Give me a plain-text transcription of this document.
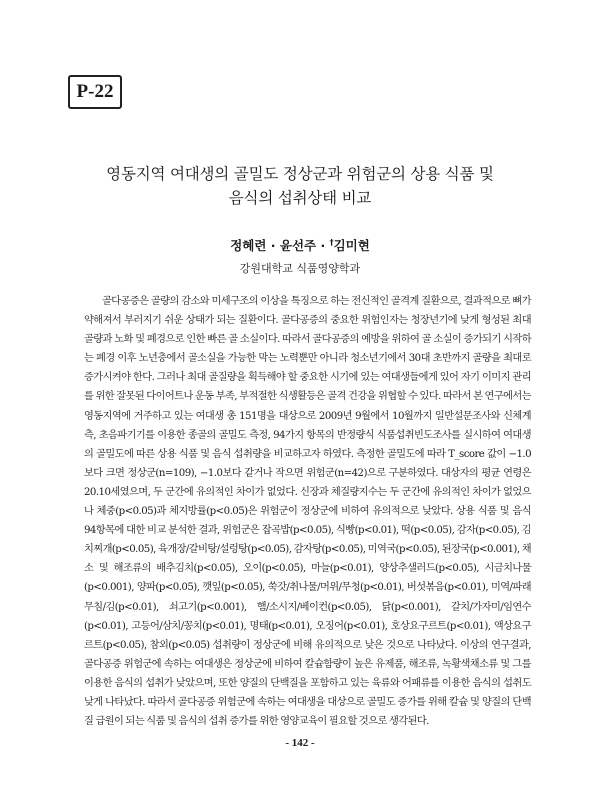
P-22
영동지역 여대생의 골밀도 정상군과 위험군의 상용 식품 및
음식의 섭취상태 비교
정혜련 · 윤선주 · †김미현
강원대학교 식품영양학과

골다공증은 골량의 감소와 미세구조의 이상을 특징으로 하는 전신적인 골격계 질환으로, 결과적으로 뼈가 약해져서 부러지기 쉬운 상태가 되는 질환이다. 골다공증의 중요한 위험인자는 청장년기에 낮게 형성된 최대 골량과 노화 및 폐경으로 인한 빠른 골 소실이다. 따라서 골다공증의 예방을 위하여 골 소실이 증가되기 시작하는 폐경 이후 노년층에서 골소실을 가능한 막는 노력뿐만 아니라 청소년기에서 30대 초반까지 골량을 최대로 증가시켜야 한다. 그러나 최대 골질량을 획득해야 할 중요한 시기에 있는 여대생들에게 있어 자기 이미지 관리를 위한 잘못된 다이어트나 운동 부족, 부적절한 식생활등은 골격 건강을 위협할 수 있다. 따라서 본 연구에서는 영동지역에 거주하고 있는 여대생 총 151명을 대상으로 2009년 9월에서 10월까지 일반설문조사와 신체계측, 초음파기기를 이용한 종골의 골밀도 측정, 94가지 항목의 반정량식 식품섭취빈도조사를 실시하여 여대생의 골밀도에 따른 상용 식품 및 음식 섭취량을 비교하고자 하였다. 측정한 골밀도에 따라 T_score 값이 −1.0보다 크면 정상군(n=109), −1.0보다 같거나 작으면 위험군(n=42)으로 구분하였다. 대상자의 평균 연령은 20.10세였으며, 두 군간에 유의적인 차이가 없었다. 신장과 체질량지수는 두 군간에 유의적인 차이가 없었으나 체중(p<0.05)과 체지방률(p<0.05)은 위험군이 정상군에 비하여 유의적으로 낮았다. 상용 식품 및 음식 94항목에 대한 비교 분석한 결과, 위험군은 잡곡밥(p<0.05), 식빵(p<0.01), 떡(p<0.05), 감자(p<0.05), 김치찌개(p<0.05), 육개장/갈비탕/설렁탕(p<0.05), 감자탕(p<0.05), 미역국(p<0.05), 된장국(p<0.001), 채소 및 해조류의 배추김치(p<0.05), 오이(p<0.05), 마늘(p<0.01), 양상추샐러드(p<0.05), 시금치나물(p<0.001), 양파(p<0.05), 깻잎(p<0.05), 쑥갓/취나물/머위/무청(p<0.01), 버섯볶음(p<0.01), 미역/파래무침/김(p<0.01), 쇠고기(p<0.001), 햄/소시지/베이컨(p<0.05), 닭(p<0.001), 갈치/가자미/임연수(p<0.01), 고등어/삼치/꽁치(p<0.01), 명태(p<0.01), 오징어(p<0.01), 호상요구르트(p<0.01), 액상요구르트(p<0.05), 참외(p<0.05) 섭취량이 정상군에 비해 유의적으로 낮은 것으로 나타났다. 이상의 연구결과, 골다공증 위험군에 속하는 여대생은 정상군에 비하여 칼슘함량이 높은 유제품, 해조류, 녹황색채소류 및 그를 이용한 음식의 섭취가 낮았으며, 또한 양질의 단백질을 포함하고 있는 육류와 어패류를 이용한 음식의 섭취도 낮게 나타났다. 따라서 골다공증 위험군에 속하는 여대생을 대상으로 골밀도 증가를 위해 칼슘 및 양질의 단백질 급원이 되는 식품 및 음식의 섭취 증가를 위한 영양교육이 필요할 것으로 생각된다.

- 142 -
